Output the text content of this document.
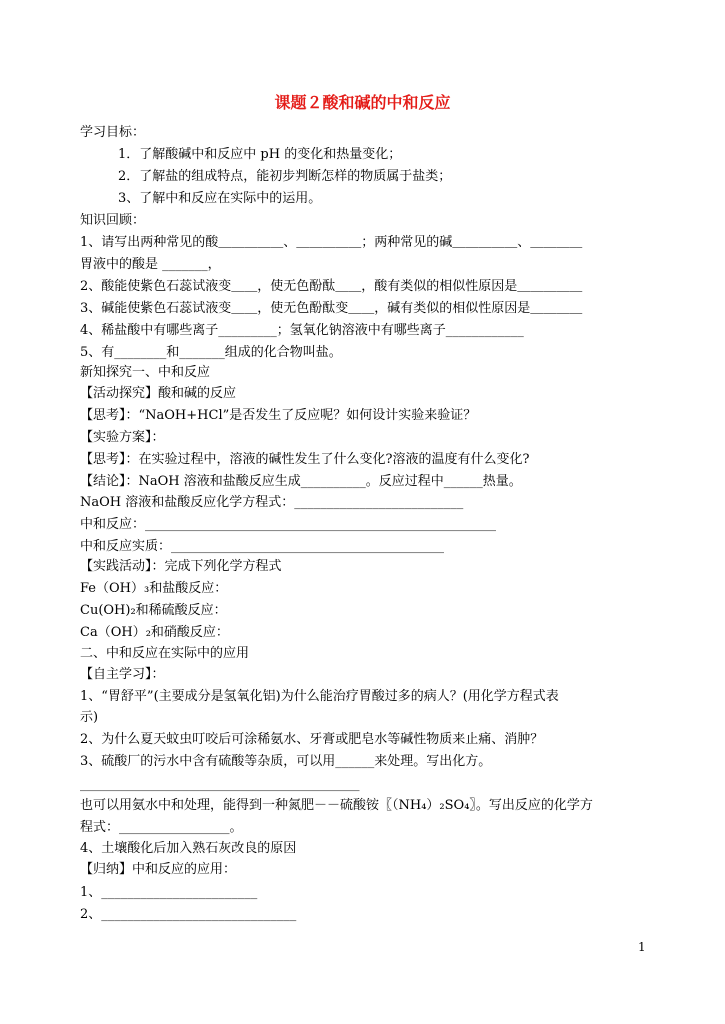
课题２酸和碱的中和反应
学习目标：
1．了解酸碱中和反应中 pH 的变化和热量变化；
2．了解盐的组成特点，能初步判断怎样的物质属于盐类；
3、了解中和反应在实际中的运用。
知识回顾：
1、请写出两种常见的酸＿＿＿＿＿、＿＿＿＿＿；两种常见的碱＿＿＿＿＿、＿＿＿＿
胃液中的酸是 _______，
2、酸能使紫色石蕊试液变＿＿，使无色酚酞＿＿，酸有类似的相似性原因是＿＿＿＿＿
3、碱能使紫色石蕊试液变＿＿，使无色酚酞变＿＿，碱有类似的相似性原因是＿＿＿＿
4、稀盐酸中有哪些离子_________；氢氧化钠溶液中有哪些离子____________
5、有________和_______组成的化合物叫盐。
新知探究一、中和反应
【活动探究】酸和碱的反应
【思考】：“NaOH+HCl”是否发生了反应呢？如何设计实验来验证？
【实验方案】：
【思考】：在实验过程中，溶液的碱性发生了什么变化?溶液的温度有什么变化?
【结论】：NaOH 溶液和盐酸反应生成__________。反应过程中______热量。
NaOH 溶液和盐酸反应化学方程式：__________________________
中和反应：______________________________________________________
中和反应实质：__________________________________________
【实践活动】：完成下列化学方程式
Fe（OH）₃和盐酸反应：
Cu(OH)₂和稀硫酸反应：
Ca（OH）₂和硝酸反应：
二、中和反应在实际中的应用
【自主学习】：
1、“胃舒平”(主要成分是氢氧化铝)为什么能治疗胃酸过多的病人？(用化学方程式表
示)
2、为什么夏天蚊虫叮咬后可涂稀氨水、牙膏或肥皂水等碱性物质来止痛、消肿？
3、硫酸厂的污水中含有硫酸等杂质，可以用______来处理。写出化方。
___________________________________________
也可以用氨水中和处理，能得到一种氮肥－－硫酸铵〖（NH₄）₂SO₄〗。写出反应的化学方
程式：_________________。
4、土壤酸化后加入熟石灰改良的原因
【归纳】中和反应的应用：
1、________________________
2、______________________________
1
